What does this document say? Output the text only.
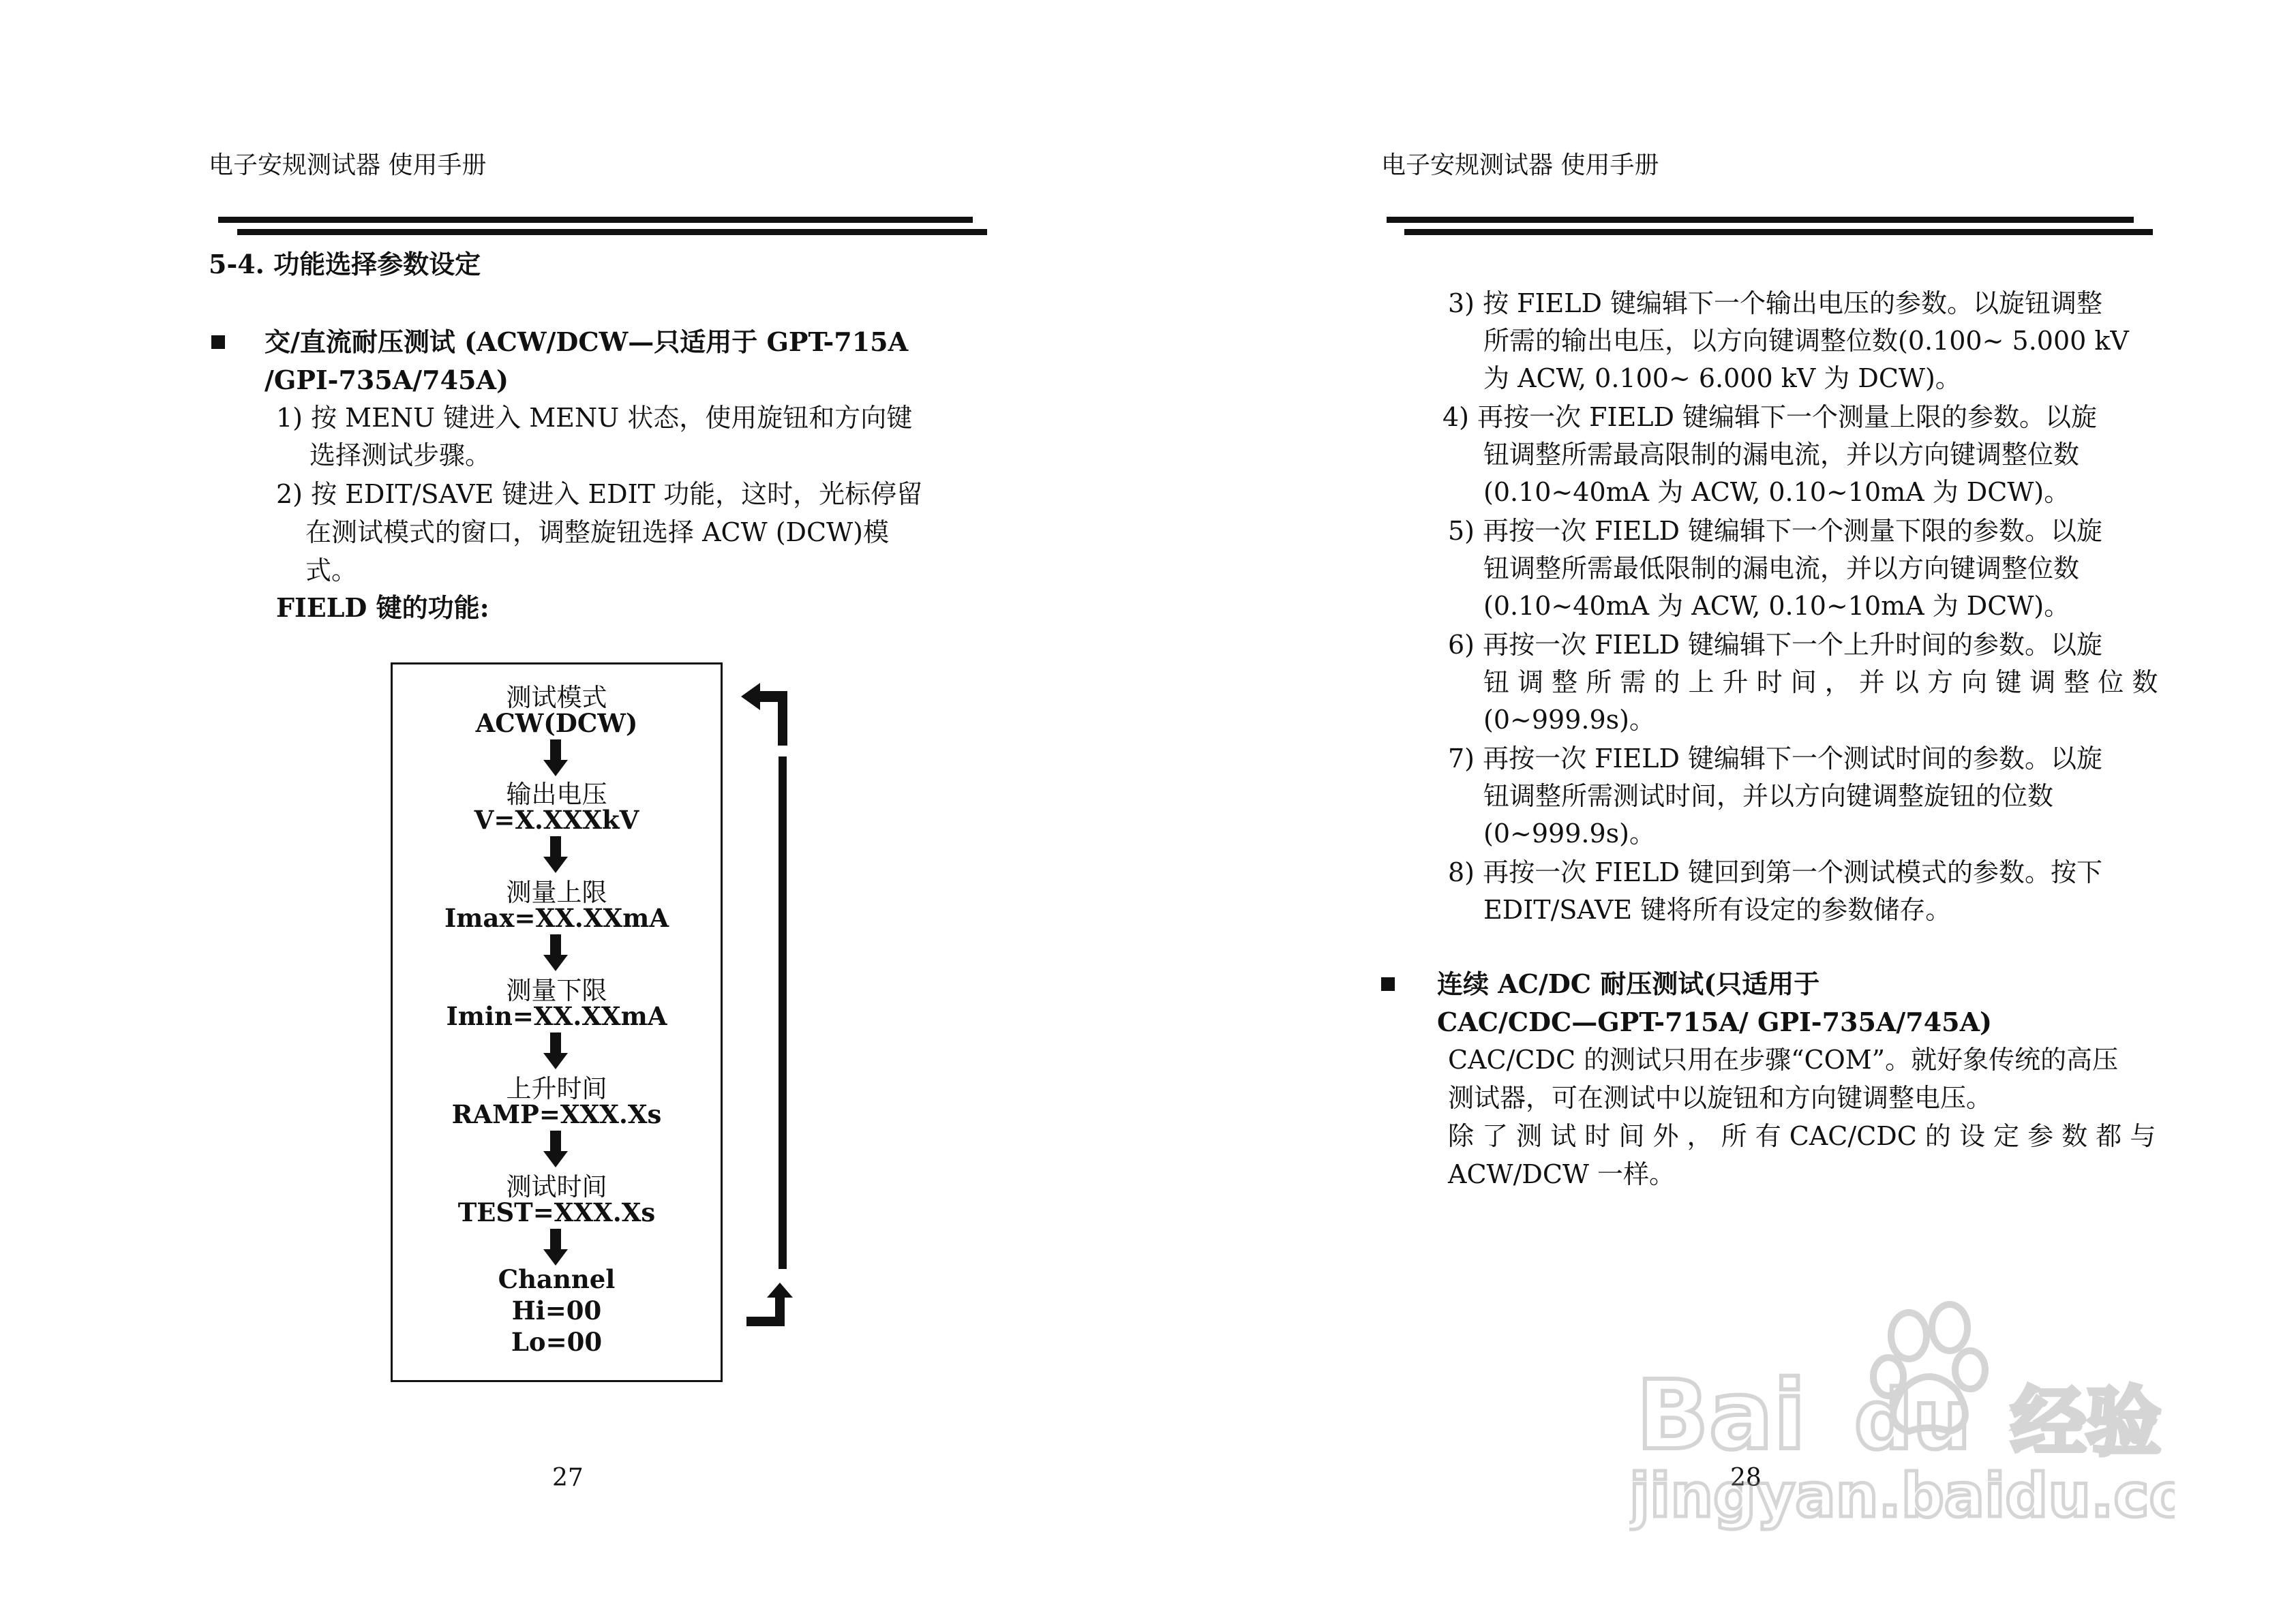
电子安规测试器 使用手册
5-4. 功能选择参数设定
交/直流耐压测试 (ACW/DCW—只适用于 GPT-715A
/GPI-735A/745A)
1) 按 MENU 键进入 MENU 状态，使用旋钮和方向键
选择测试步骤。
2) 按 EDIT/SAVE 键进入 EDIT 功能，这时，光标停留
在测试模式的窗口，调整旋钮选择 ACW (DCW)模
式。
FIELD 键的功能:
测试模式
ACW(DCW)
输出电压
V=X.XXXkV
测量上限
Imax=XX.XXmA
测量下限
Imin=XX.XXmA
上升时间
RAMP=XXX.Xs
测试时间
TEST=XXX.Xs
Channel
Hi=00
Lo=00
27
电子安规测试器 使用手册
3) 按 FIELD 键编辑下一个输出电压的参数。以旋钮调整
所需的输出电压，以方向键调整位数(0.100~ 5.000 kV
为 ACW, 0.100~ 6.000 kV 为 DCW)。
4) 再按一次 FIELD 键编辑下一个测量上限的参数。以旋
钮调整所需最高限制的漏电流，并以方向键调整位数
(0.10~40mA 为 ACW, 0.10~10mA 为 DCW)。
5) 再按一次 FIELD 键编辑下一个测量下限的参数。以旋
钮调整所需最低限制的漏电流，并以方向键调整位数
(0.10~40mA 为 ACW, 0.10~10mA 为 DCW)。
6) 再按一次 FIELD 键编辑下一个上升时间的参数。以旋
钮 调 整 所 需 的 上 升 时 间 ， 并 以 方 向 键 调 整 位 数
(0~999.9s)。
7) 再按一次 FIELD 键编辑下一个测试时间的参数。以旋
钮调整所需测试时间，并以方向键调整旋钮的位数
(0~999.9s)。
8) 再按一次 FIELD 键回到第一个测试模式的参数。按下
EDIT/SAVE 键将所有设定的参数储存。
连续 AC/DC 耐压测试(只适用于
CAC/CDC—GPT-715A/ GPI-735A/745A)
CAC/CDC 的测试只用在步骤“COM”。就好象传统的高压
测试器，可在测试中以旋钮和方向键调整电压。
除 了 测 试 时 间 外 ， 所 有 CAC/CDC 的 设 定 参 数 都 与
ACW/DCW 一样。
28
Bai du 经验
jingyan.baidu.co
